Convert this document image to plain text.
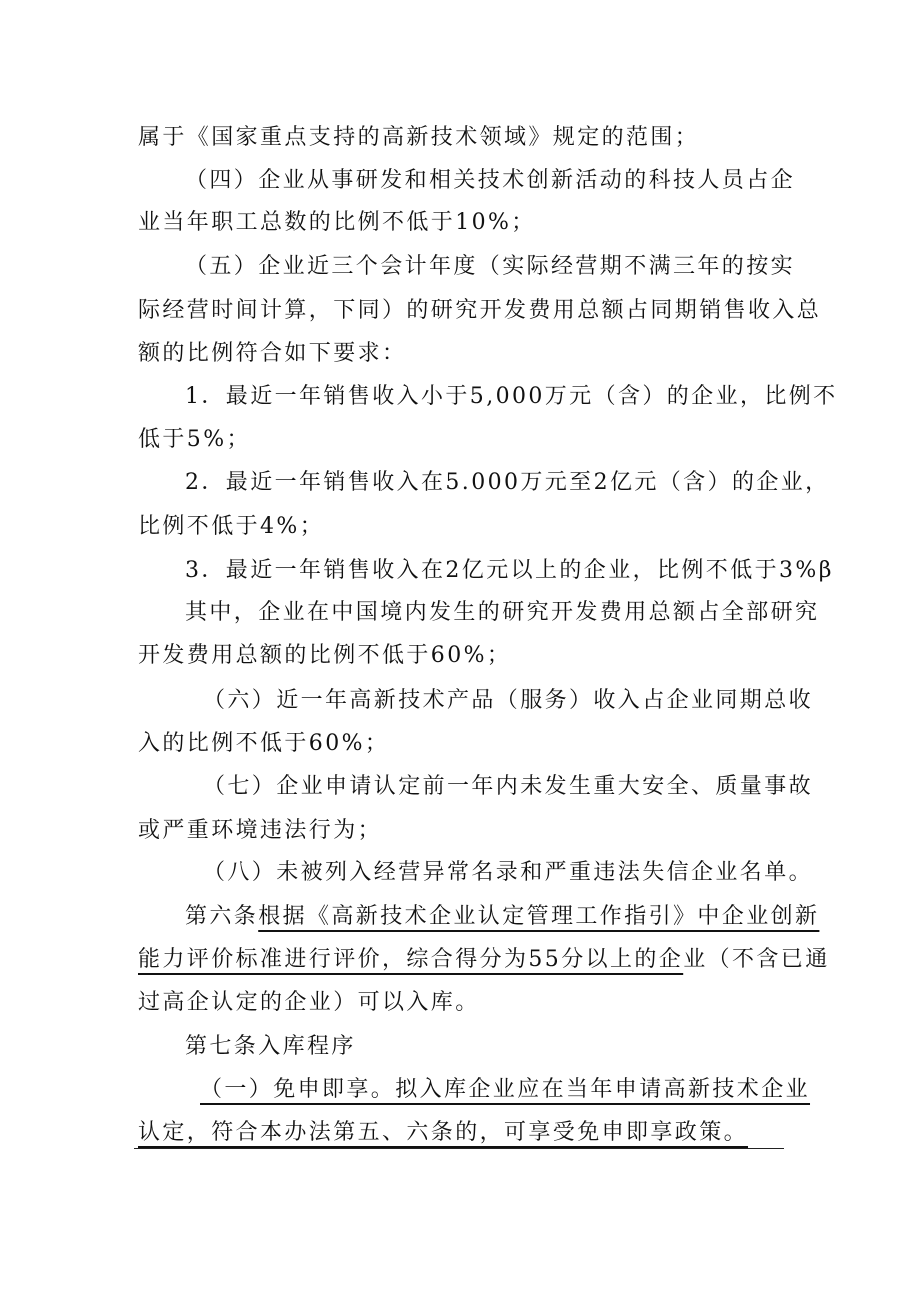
属于《国家重点支持的高新技术领域》规定的范围；
（四）企业从事研发和相关技术创新活动的科技人员占企
业当年职工总数的比例不低于10%；
（五）企业近三个会计年度（实际经营期不满三年的按实
际经营时间计算，下同）的研究开发费用总额占同期销售收入总
额的比例符合如下要求：
1．最近一年销售收入小于5,000万元（含）的企业，比例不
低于5%；
2．最近一年销售收入在5.000万元至2亿元（含）的企业，
比例不低于4%；
3．最近一年销售收入在2亿元以上的企业，比例不低于3%β
其中，企业在中国境内发生的研究开发费用总额占全部研究
开发费用总额的比例不低于60%；
（六）近一年高新技术产品（服务）收入占企业同期总收
入的比例不低于60%；
（七）企业申请认定前一年内未发生重大安全、质量事故
或严重环境违法行为；
（八）未被列入经营异常名录和严重违法失信企业名单。
第六条根据《高新技术企业认定管理工作指引》中企业创新
能力评价标准进行评价，综合得分为55分以上的企业（不含已通
过高企认定的企业）可以入库。
第七条入库程序
（一）免申即享。拟入库企业应在当年申请高新技术企业
认定，符合本办法第五、六条的，可享受免申即享政策。
